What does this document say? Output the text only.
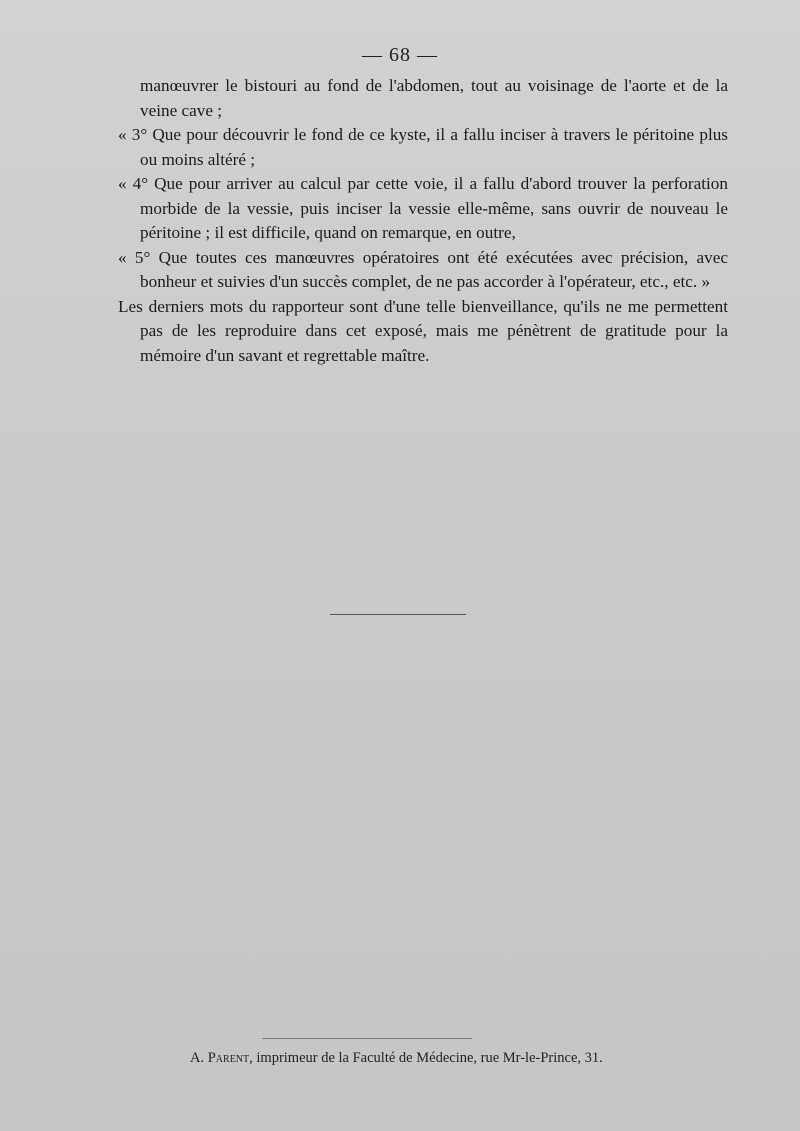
— 68 —

manœuvrer le bistouri au fond de l'abdomen, tout au voisinage de l'aorte et de la veine cave ;

« 3° Que pour découvrir le fond de ce kyste, il a fallu inciser à travers le péritoine plus ou moins altéré ;

« 4° Que pour arriver au calcul par cette voie, il a fallu d'abord trouver la perforation morbide de la vessie, puis inciser la vessie elle-même, sans ouvrir de nouveau le péritoine ; il est difficile, quand on remarque, en outre,

« 5° Que toutes ces manœuvres opératoires ont été exécutées avec précision, avec bonheur et suivies d'un succès complet, de ne pas accorder à l'opérateur, etc., etc. »

Les derniers mots du rapporteur sont d'une telle bienveillance, qu'ils ne me permettent pas de les reproduire dans cet exposé, mais me pénètrent de gratitude pour la mémoire d'un savant et regrettable maître.

A. Parent, imprimeur de la Faculté de Médecine, rue Mr-le-Prince, 31.
